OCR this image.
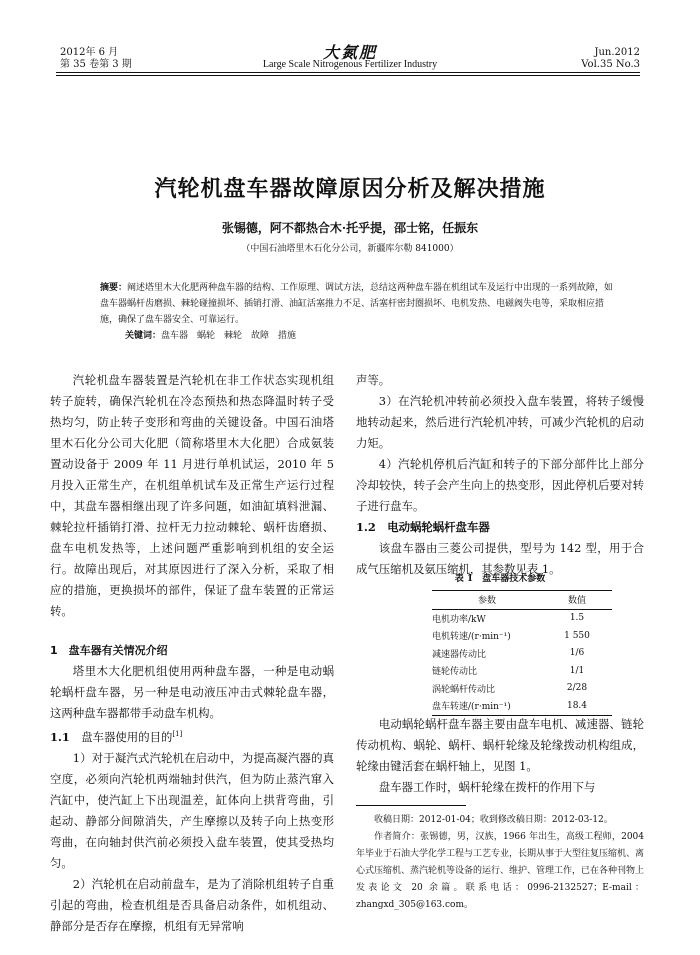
2012年 6 月
第 35 卷第 3 期
大氮肥
Large Scale Nitrogenous Fertilizer Industry
Jun.2012
Vol.35 No.3
汽轮机盘车器故障原因分析及解决措施
张锡德，阿不都热合木·托乎提，邵士铭，任振东
（中国石油塔里木石化分公司，新疆库尔勒 841000）
摘要：阐述塔里木大化肥两种盘车器的结构、工作原理、调试方法，总结这两种盘车器在机组试车及运行中出现的一系列故障，如盘车器蜗杆齿磨损、棘轮碰撞损坏、插销打滑、油缸活塞推力不足、活塞杆密封圈损坏、电机发热、电磁阀失电等，采取相应措施，确保了盘车器安全、可靠运行。
关键词：盘车器　蜗轮　棘轮　故障　措施

汽轮机盘车器装置是汽轮机在非工作状态实现机组转子旋转，确保汽轮机在冷态预热和热态降温时转子受热均匀，防止转子变形和弯曲的关键设备。中国石油塔里木石化分公司大化肥（简称塔里木大化肥）合成氨装置动设备于 2009 年 11 月进行单机试运，2010 年 5 月投入正常生产，在机组单机试车及正常生产运行过程中，其盘车器相继出现了许多问题，如油缸填料泄漏、棘轮拉杆插销打滑、拉杆无力拉动棘轮、蜗杆齿磨损、盘车电机发热等，上述问题严重影响到机组的安全运行。故障出现后，对其原因进行了深入分析，采取了相应的措施，更换损坏的部件，保证了盘车装置的正常运转。

1　盘车器有关情况介绍

塔里木大化肥机组使用两种盘车器，一种是电动蜗轮蜗杆盘车器，另一种是电动液压冲击式棘轮盘车器，这两种盘车器都带手动盘车机构。

1.1　 盘车器使用的目的[1]

1）对于凝汽式汽轮机在启动中，为提高凝汽器的真空度，必须向汽轮机两端轴封供汽，但为防止蒸汽窜入汽缸中，使汽缸上下出现温差，缸体向上拱背弯曲，引起动、静部分间隙消失，产生摩擦以及转子向上热变形弯曲，在向轴封供汽前必须投入盘车装置，使其受热均匀。

2）汽轮机在启动前盘车，是为了消除机组转子自重引起的弯曲，检查机组是否具备启动条件，如机组动、静部分是否存在摩擦，机组有无异常响

声等。

3）在汽轮机冲转前必须投入盘车装置，将转子缓慢地转动起来，然后进行汽轮机冲转，可减少汽轮机的启动力矩。

4）汽轮机停机后汽缸和转子的下部分部件比上部分冷却较快，转子会产生向上的热变形，因此停机后要对转子进行盘车。

1.2　电动蜗轮蜗杆盘车器

该盘车器由三菱公司提供，型号为 142 型，用于合成气压缩机及氨压缩机，其参数见表 1。

表 1　盘车器技术参数
参数	数值
电机功率/kW	1.5
电机转速/(r·min⁻¹)	1 550
减速器传动比	1/6
链轮传动比	1/1
涡轮蜗杆传动比	2/28
盘车转速/(r·min⁻¹)	18.4

电动蜗轮蜗杆盘车器主要由盘车电机、减速器、链轮传动机构、蜗轮、蜗杆、蜗杆轮缘及轮缘拨动机构组成，轮缘由键活套在蜗杆轴上，见图 1。

盘车器工作时，蜗杆轮缘在拨杆的作用下与

收稿日期：2012-01-04；收到修改稿日期：2012-03-12。
作者简介：张锡德，男，汉族，1966 年出生，高级工程师，2004 年毕业于石油大学化学工程与工艺专业，长期从事于大型往复压缩机、离心式压缩机、蒸汽轮机等设备的运行、维护、管理工作，已在各种刊物上发表论文 20 余篇。联系电话：0996-2132527；E-mail：zhangxd_305@163.com。
